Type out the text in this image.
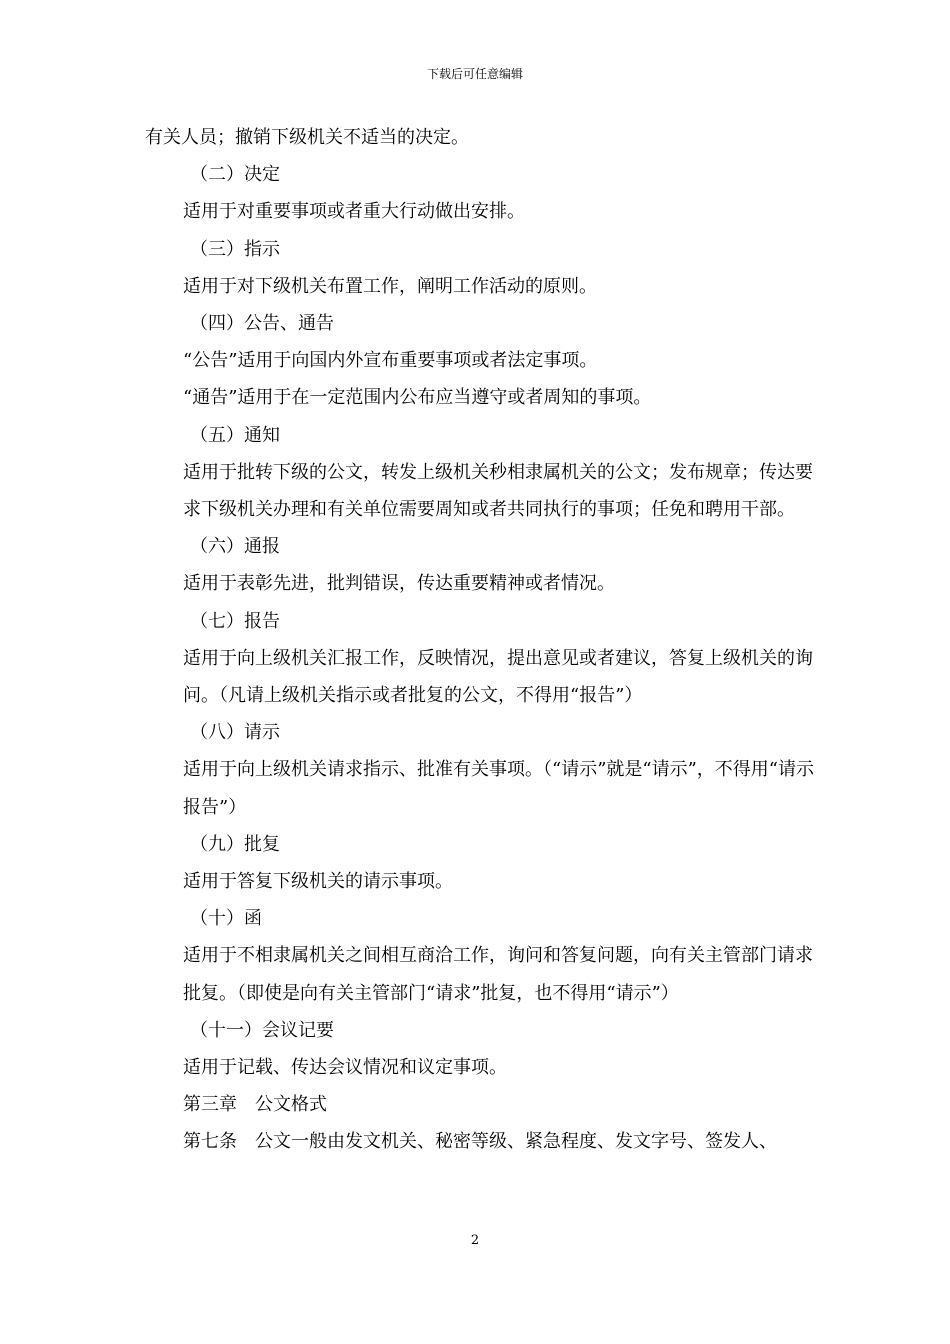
下载后可任意编辑

有关人员；撤销下级机关不适当的决定。

（二）决定

适用于对重要事项或者重大行动做出安排。

（三）指示

适用于对下级机关布置工作，阐明工作活动的原则。

（四）公告、通告

“公告”适用于向国内外宣布重要事项或者法定事项。

“通告”适用于在一定范围内公布应当遵守或者周知的事项。

（五）通知

适用于批转下级的公文，转发上级机关秒相隶属机关的公文；发布规章；传达要求下级机关办理和有关单位需要周知或者共同执行的事项；任免和聘用干部。

（六）通报

适用于表彰先进，批判错误，传达重要精神或者情况。

（七）报告

适用于向上级机关汇报工作，反映情况，提出意见或者建议，答复上级机关的询问。（凡请上级机关指示或者批复的公文，不得用“报告”）

（八）请示

适用于向上级机关请求指示、批准有关事项。（“请示”就是“请示”，不得用“请示报告”）

（九）批复

适用于答复下级机关的请示事项。

（十）函

适用于不相隶属机关之间相互商洽工作，询问和答复问题，向有关主管部门请求批复。（即使是向有关主管部门“请求”批复，也不得用“请示”）

（十一）会议记要

适用于记载、传达会议情况和议定事项。

第三章　公文格式

第七条　公文一般由发文机关、秘密等级、紧急程度、发文字号、签发人、

2
